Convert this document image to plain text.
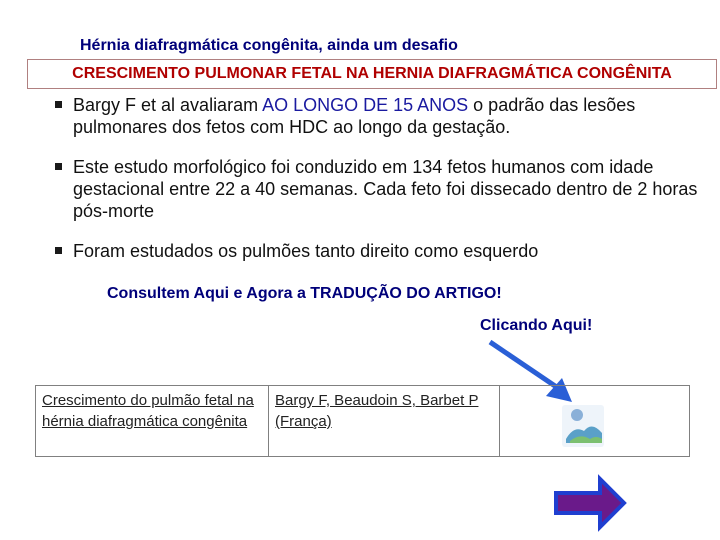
Hérnia diafragmática congênita, ainda um desafio
CRESCIMENTO PULMONAR FETAL NA HERNIA DIAFRAGMÁTICA CONGÊNITA
Bargy F et al avaliaram AO LONGO DE 15 ANOS o padrão das lesões pulmonares dos fetos com HDC ao longo da gestação.
Este estudo morfológico foi conduzido em 134 fetos humanos com idade gestacional entre 22 a 40 semanas. Cada feto foi dissecado dentro de 2 horas pós-morte
Foram estudados os pulmões tanto direito como esquerdo
Consultem Aqui e Agora a TRADUÇÃO DO ARTIGO!
Clicando Aqui!
Crescimento do pulmão fetal na hérnia diafragmática congênita	Bargy F, Beaudoin S, Barbet P (França)	
